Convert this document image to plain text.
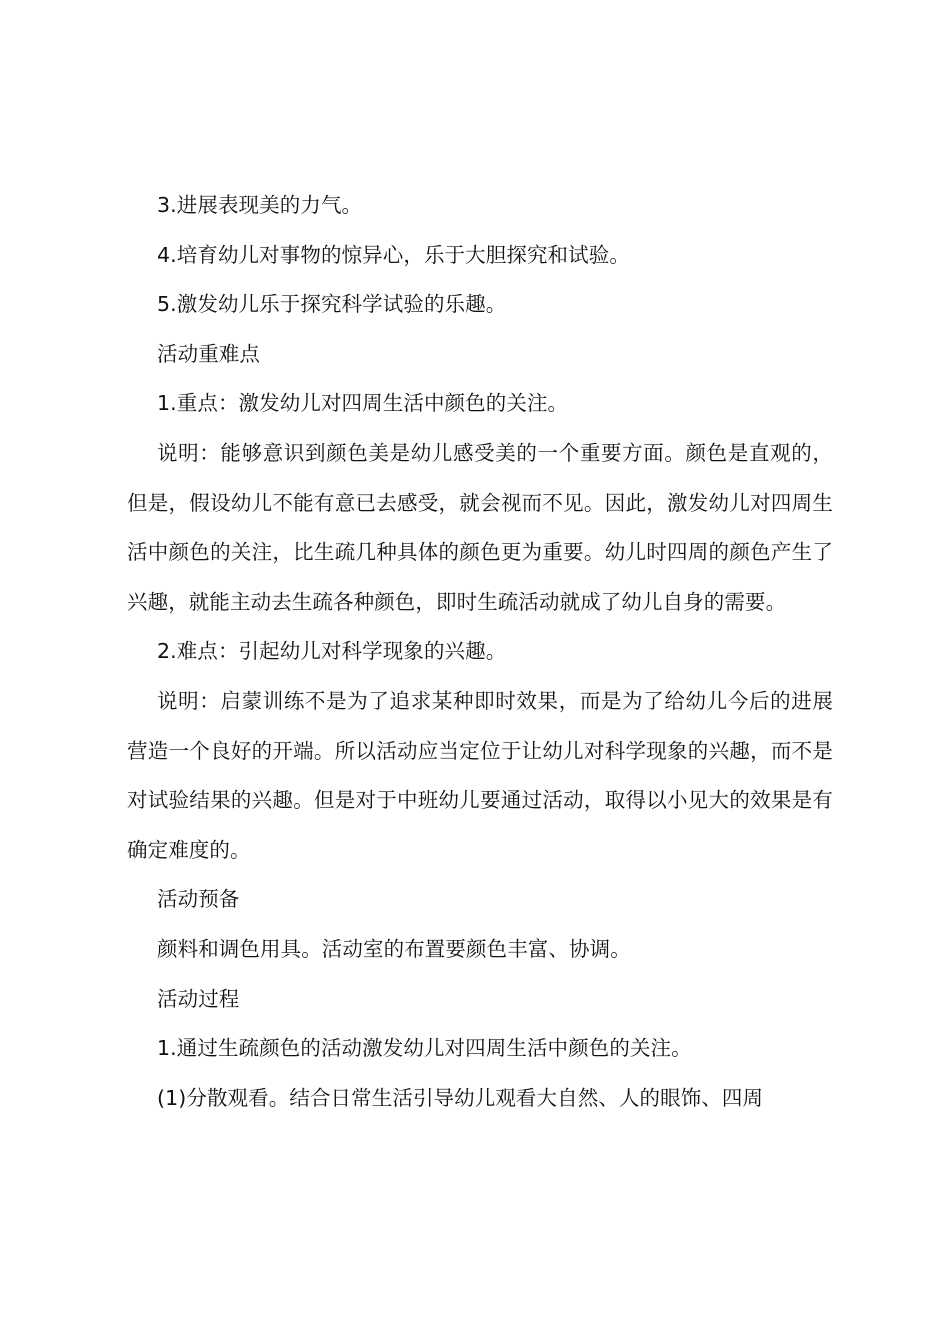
3.进展表现美的力气。

4.培育幼儿对事物的惊异心，乐于大胆探究和试验。

5.激发幼儿乐于探究科学试验的乐趣。

活动重难点

1.重点：激发幼儿对四周生活中颜色的关注。

说明：能够意识到颜色美是幼儿感受美的一个重要方面。颜色是直观的，但是，假设幼儿不能有意已去感受，就会视而不见。因此，激发幼儿对四周生活中颜色的关注，比生疏几种具体的颜色更为重要。幼儿时四周的颜色产生了兴趣，就能主动去生疏各种颜色，即时生疏活动就成了幼儿自身的需要。

2.难点：引起幼儿对科学现象的兴趣。

说明：启蒙训练不是为了追求某种即时效果，而是为了给幼儿今后的进展营造一个良好的开端。所以活动应当定位于让幼儿对科学现象的兴趣，而不是对试验结果的兴趣。但是对于中班幼儿要通过活动，取得以小见大的效果是有确定难度的。

活动预备

颜料和调色用具。活动室的布置要颜色丰富、协调。

活动过程

1.通过生疏颜色的活动激发幼儿对四周生活中颜色的关注。

(1)分散观看。结合日常生活引导幼儿观看大自然、人的眼饰、四周
